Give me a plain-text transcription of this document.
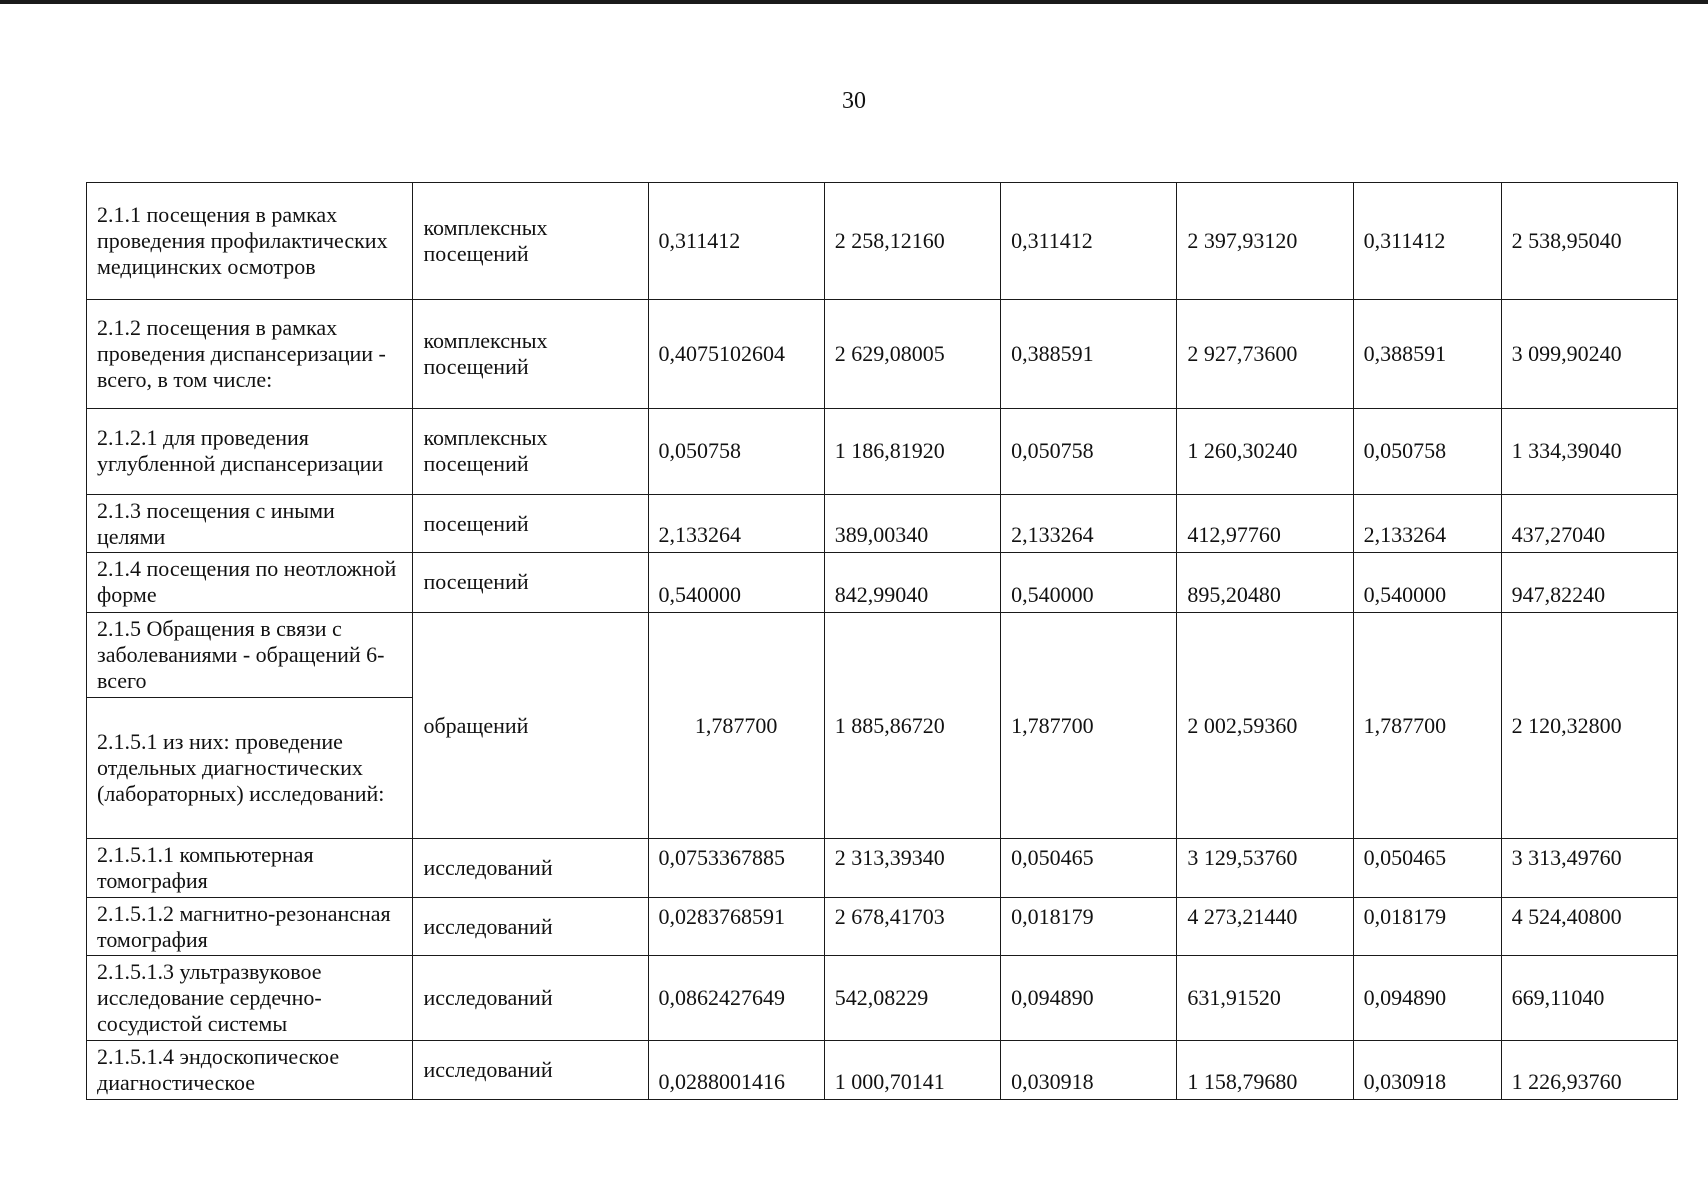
30
2.1.1 посещения в рамках проведения профилактических медицинских осмотров	комплексных посещений	0,311412	2 258,12160	0,311412	2 397,93120	0,311412	2 538,95040
2.1.2 посещения в рамках проведения диспансеризации - всего, в том числе:	комплексных посещений	0,4075102604	2 629,08005	0,388591	2 927,73600	0,388591	3 099,90240
2.1.2.1 для проведения углубленной диспансеризации	комплексных посещений	0,050758	1 186,81920	0,050758	1 260,30240	0,050758	1 334,39040
2.1.3 посещения с иными целями	посещений	2,133264	389,00340	2,133264	412,97760	2,133264	437,27040
2.1.4 посещения по неотложной форме	посещений	0,540000	842,99040	0,540000	895,20480	0,540000	947,82240
2.1.5 Обращения в связи с заболеваниями - обращений 6- всего	обращений	1,787700	1 885,86720	1,787700	2 002,59360	1,787700	2 120,32800
2.1.5.1 из них: проведение отдельных диагностических (лабораторных) исследований:							
2.1.5.1.1 компьютерная томография	исследований	0,0753367885	2 313,39340	0,050465	3 129,53760	0,050465	3 313,49760
2.1.5.1.2 магнитно-резонансная томография	исследований	0,0283768591	2 678,41703	0,018179	4 273,21440	0,018179	4 524,40800
2.1.5.1.3 ультразвуковое исследование сердечно-сосудистой системы	исследований	0,0862427649	542,08229	0,094890	631,91520	0,094890	669,11040
2.1.5.1.4 эндоскопическое диагностическое	исследований	0,0288001416	1 000,70141	0,030918	1 158,79680	0,030918	1 226,93760
